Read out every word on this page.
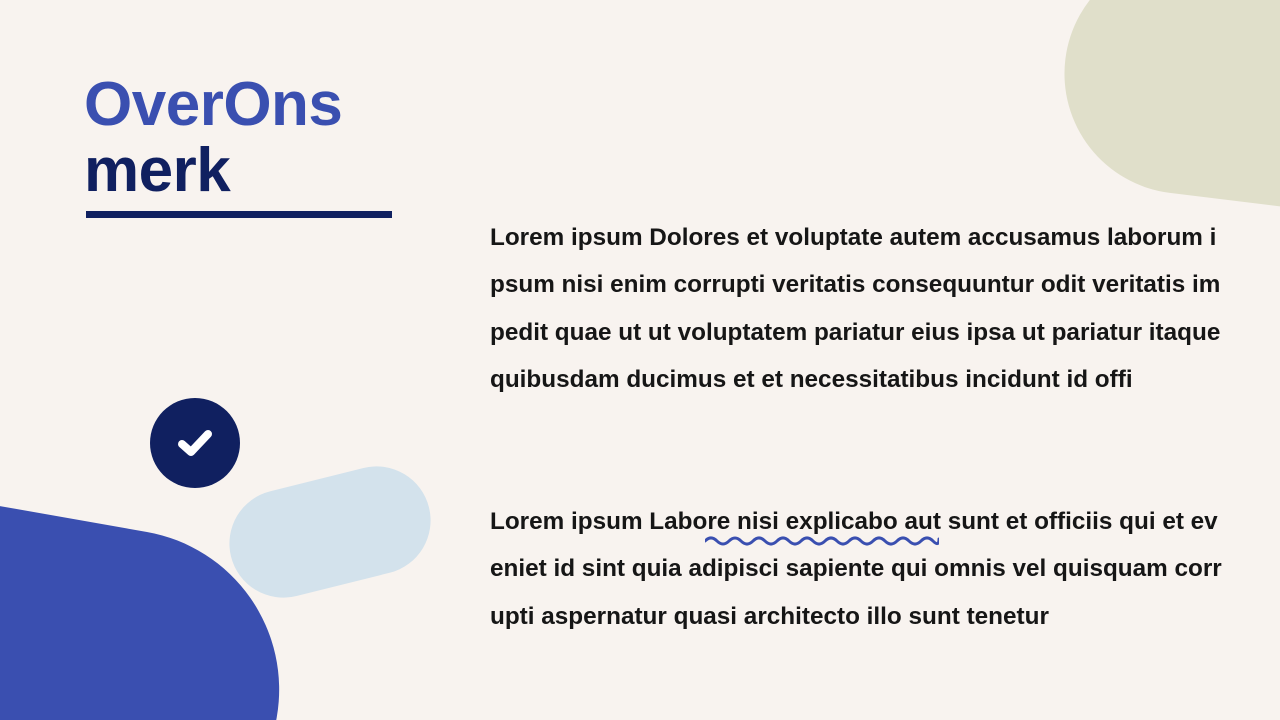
OverOns
merk

Lorem ipsum Dolores et voluptate autem accusamus laborum ipsum nisi enim corrupti veritatis consequuntur odit veritatis impedit quae ut ut voluptatem pariatur eius ipsa ut pariatur itaque quibusdam ducimus et et necessitatibus incidunt id offi

Lorem ipsum Labore nisi explicabo aut sunt et officiis qui et eveniet id sint quia adipisci sapiente qui omnis vel quisquam corrupti aspernatur quasi architecto illo sunt tenetur
